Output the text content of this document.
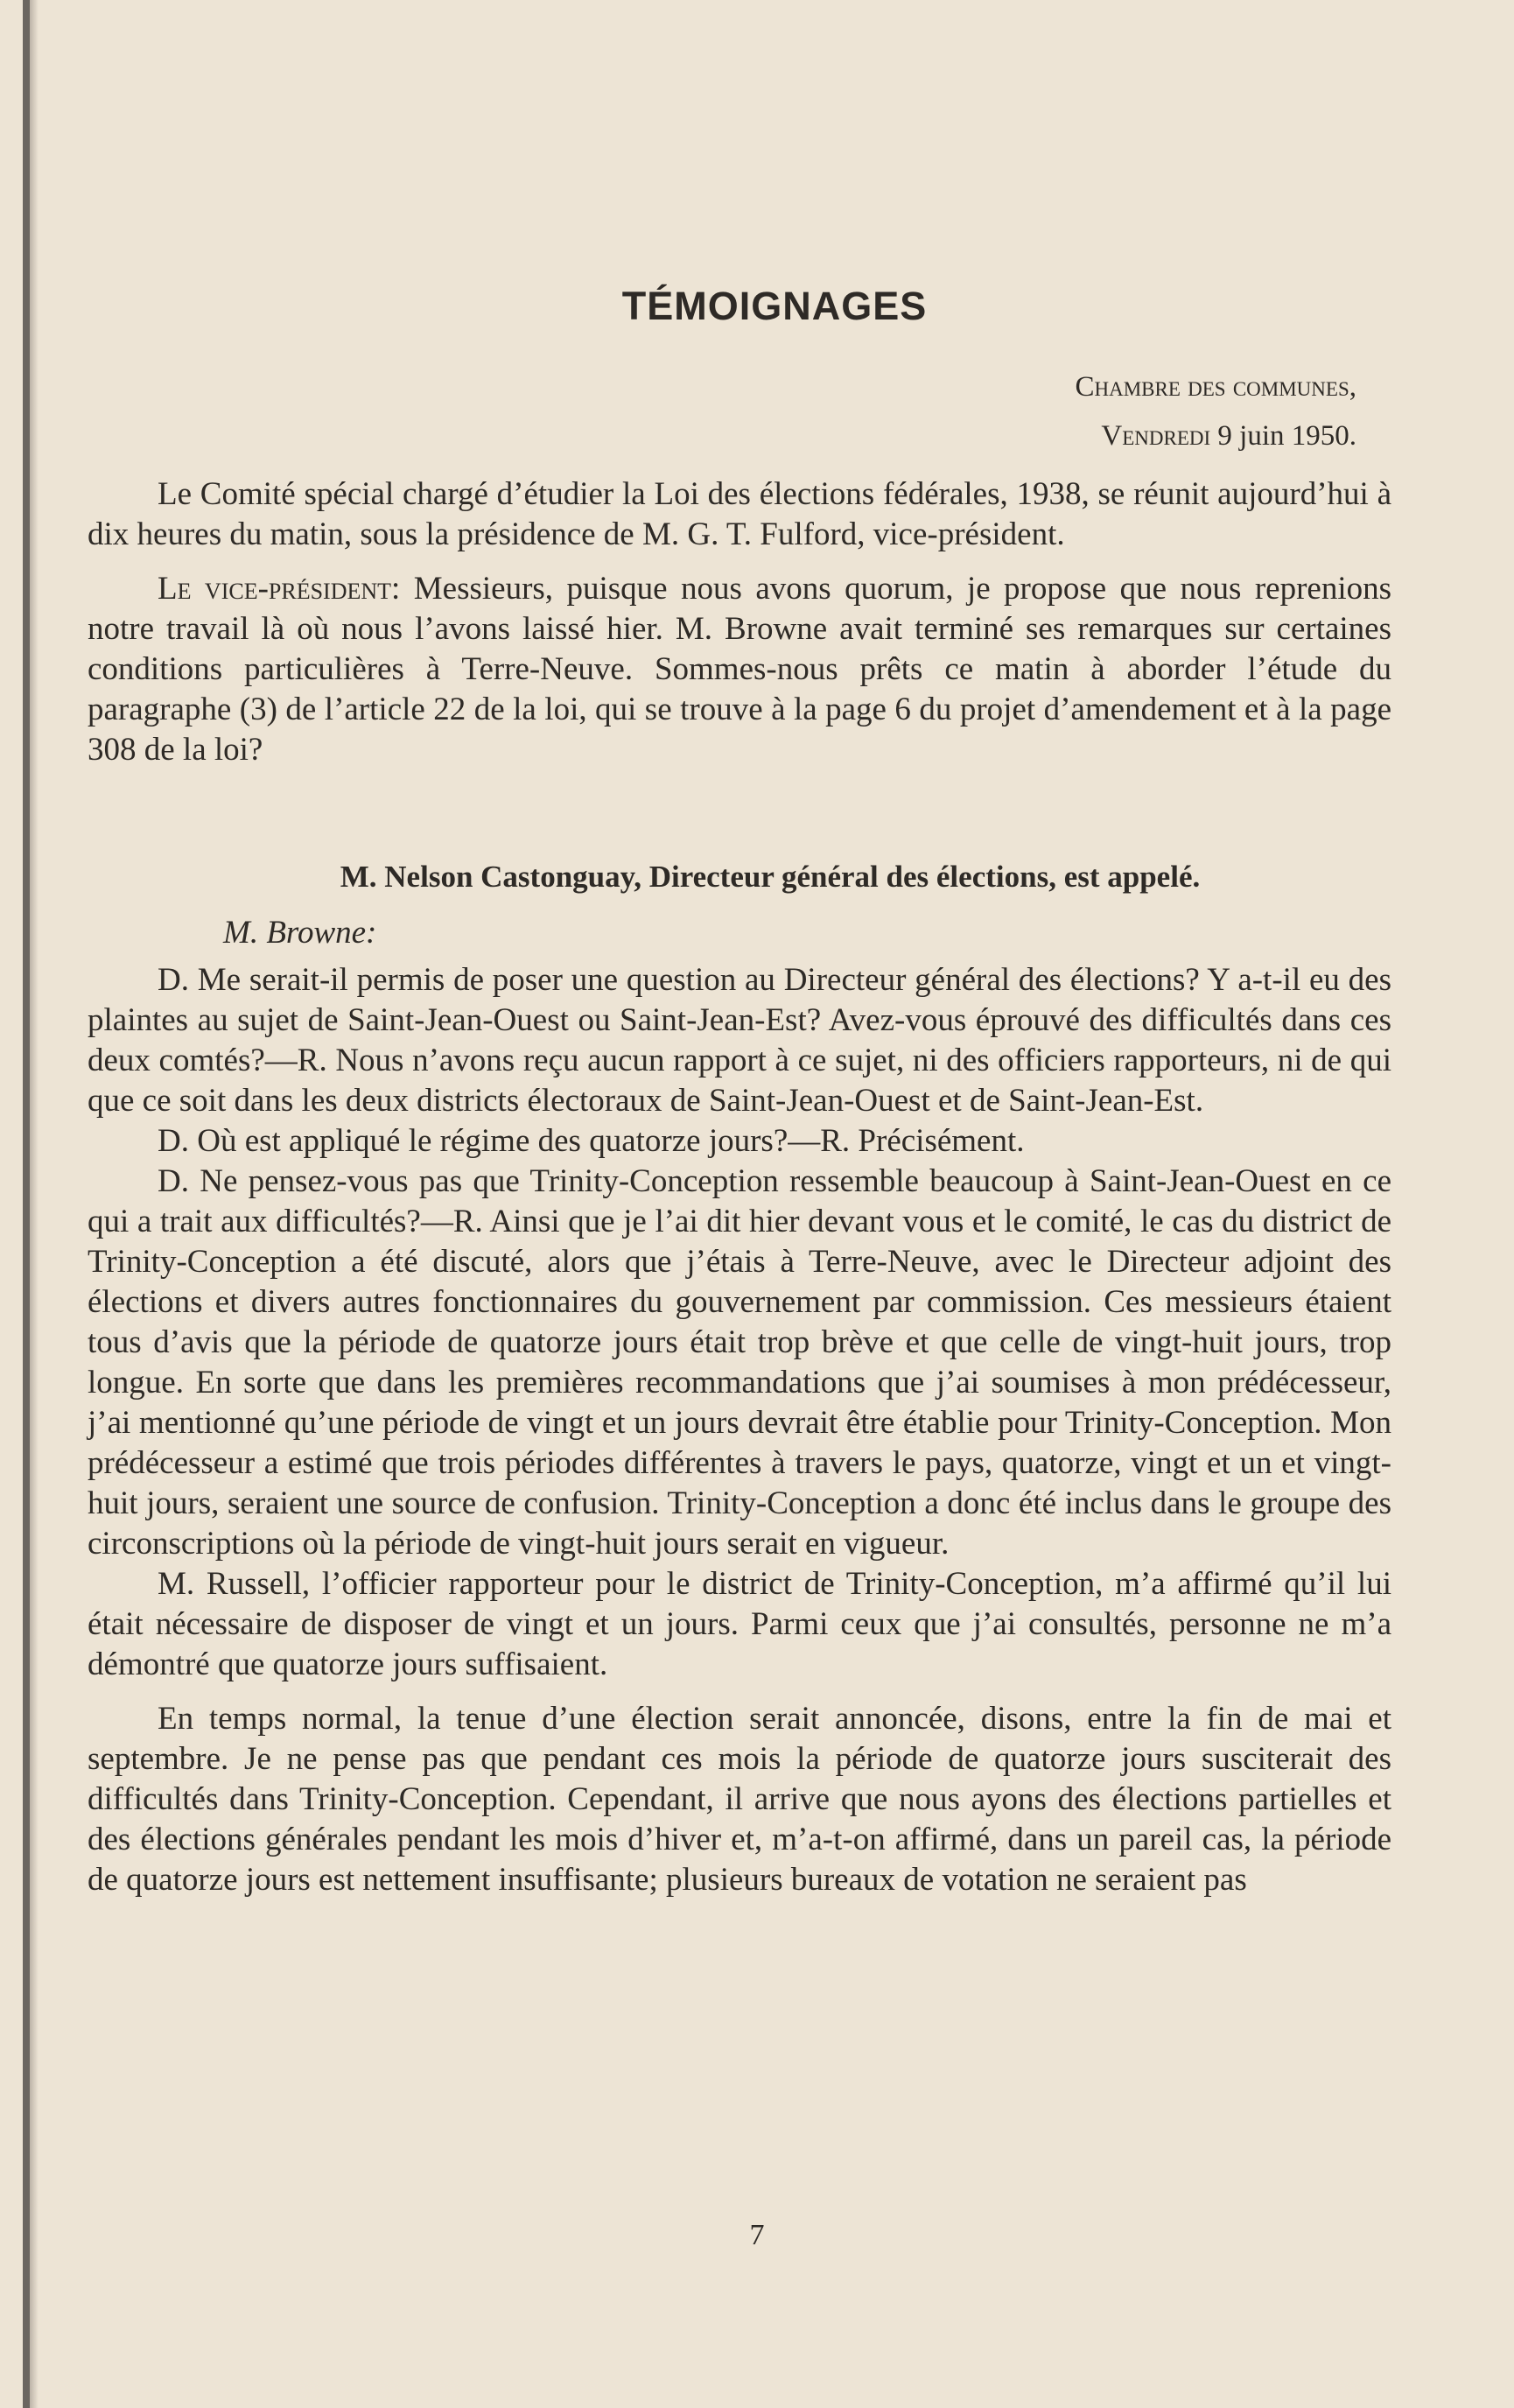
TÉMOIGNAGES
Chambre des communes,
Vendredi 9 juin 1950.

Le Comité spécial chargé d’étudier la Loi des élections fédérales, 1938, se réunit aujourd’hui à dix heures du matin, sous la présidence de M. G. T. Fulford, vice-président.

Le vice-président: Messieurs, puisque nous avons quorum, je propose que nous reprenions notre travail là où nous l’avons laissé hier. M. Browne avait terminé ses remarques sur certaines conditions particulières à Terre-Neuve. Sommes-nous prêts ce matin à aborder l’étude du paragraphe (3) de l’article 22 de la loi, qui se trouve à la page 6 du projet d’amendement et à la page 308 de la loi?

M. Nelson Castonguay, Directeur général des élections, est appelé.
M. Browne:

D. Me serait-il permis de poser une question au Directeur général des élections? Y a-t-il eu des plaintes au sujet de Saint-Jean-Ouest ou Saint-Jean-Est? Avez-vous éprouvé des difficultés dans ces deux comtés?—R. Nous n’avons reçu aucun rapport à ce sujet, ni des officiers rapporteurs, ni de qui que ce soit dans les deux districts électoraux de Saint-Jean-Ouest et de Saint-Jean-Est.

D. Où est appliqué le régime des quatorze jours?—R. Précisément.

D. Ne pensez-vous pas que Trinity-Conception ressemble beaucoup à Saint-Jean-Ouest en ce qui a trait aux difficultés?—R. Ainsi que je l’ai dit hier devant vous et le comité, le cas du district de Trinity-Conception a été discuté, alors que j’étais à Terre-Neuve, avec le Directeur adjoint des élections et divers autres fonctionnaires du gouvernement par commission. Ces messieurs étaient tous d’avis que la période de quatorze jours était trop brève et que celle de vingt-huit jours, trop longue. En sorte que dans les premières recommandations que j’ai soumises à mon prédécesseur, j’ai mentionné qu’une période de vingt et un jours devrait être établie pour Trinity-Conception. Mon prédécesseur a estimé que trois périodes différentes à travers le pays, quatorze, vingt et un et vingt-huit jours, seraient une source de confusion. Trinity-Conception a donc été inclus dans le groupe des circonscriptions où la période de vingt-huit jours serait en vigueur.

M. Russell, l’officier rapporteur pour le district de Trinity-Conception, m’a affirmé qu’il lui était nécessaire de disposer de vingt et un jours. Parmi ceux que j’ai consultés, personne ne m’a démontré que quatorze jours suffisaient.

En temps normal, la tenue d’une élection serait annoncée, disons, entre la fin de mai et septembre. Je ne pense pas que pendant ces mois la période de quatorze jours susciterait des difficultés dans Trinity-Conception. Cependant, il arrive que nous ayons des élections partielles et des élections générales pendant les mois d’hiver et, m’a-t-on affirmé, dans un pareil cas, la période de quatorze jours est nettement insuffisante; plusieurs bureaux de votation ne seraient pas

7
